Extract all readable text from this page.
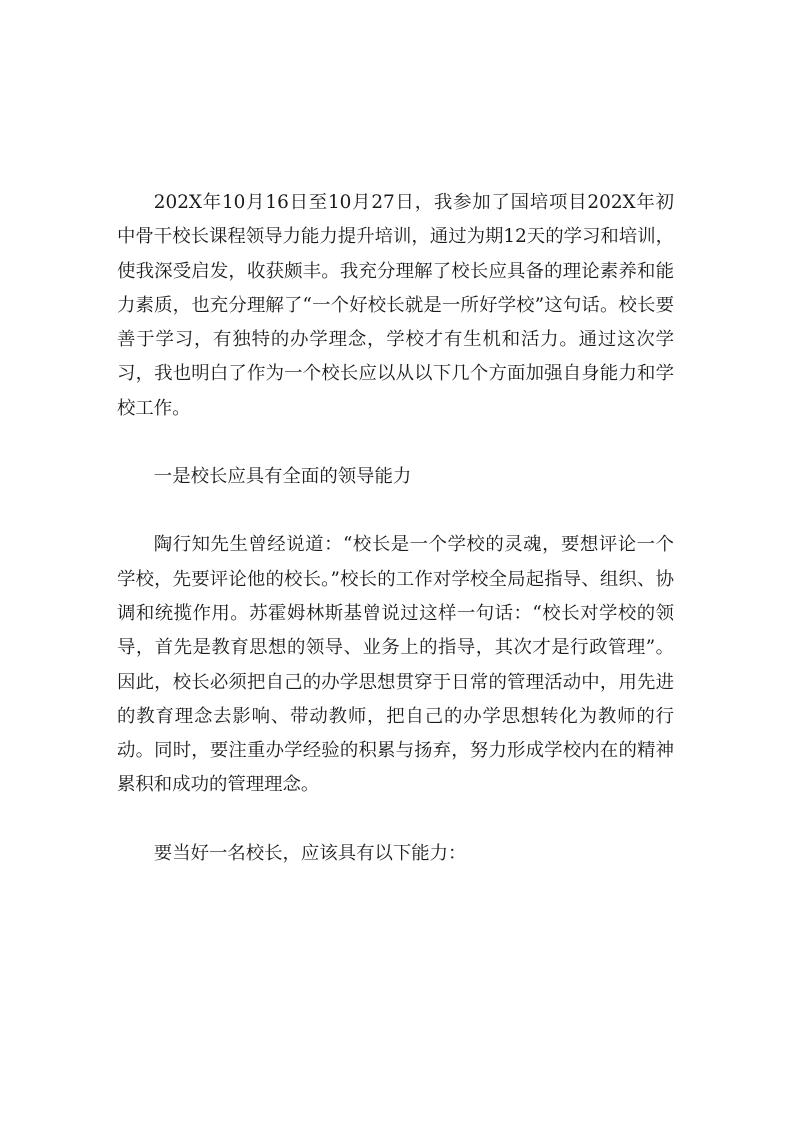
202X年10月16日至10月27日，我参加了国培项目202X年初中骨干校长课程领导力能力提升培训，通过为期12天的学习和培训，使我深受启发，收获颇丰。我充分理解了校长应具备的理论素养和能力素质，也充分理解了“一个好校长就是一所好学校”这句话。校长要善于学习，有独特的办学理念，学校才有生机和活力。通过这次学习，我也明白了作为一个校长应以从以下几个方面加强自身能力和学校工作。

一是校长应具有全面的领导能力

陶行知先生曾经说道：“校长是一个学校的灵魂，要想评论一个学校，先要评论他的校长。”校长的工作对学校全局起指导、组织、协调和统揽作用。苏霍姆林斯基曾说过这样一句话：“校长对学校的领导，首先是教育思想的领导、业务上的指导，其次才是行政管理”。因此，校长必须把自己的办学思想贯穿于日常的管理活动中，用先进的教育理念去影响、带动教师，把自己的办学思想转化为教师的行动。同时，要注重办学经验的积累与扬弃，努力形成学校内在的精神累积和成功的管理理念。

要当好一名校长，应该具有以下能力：
